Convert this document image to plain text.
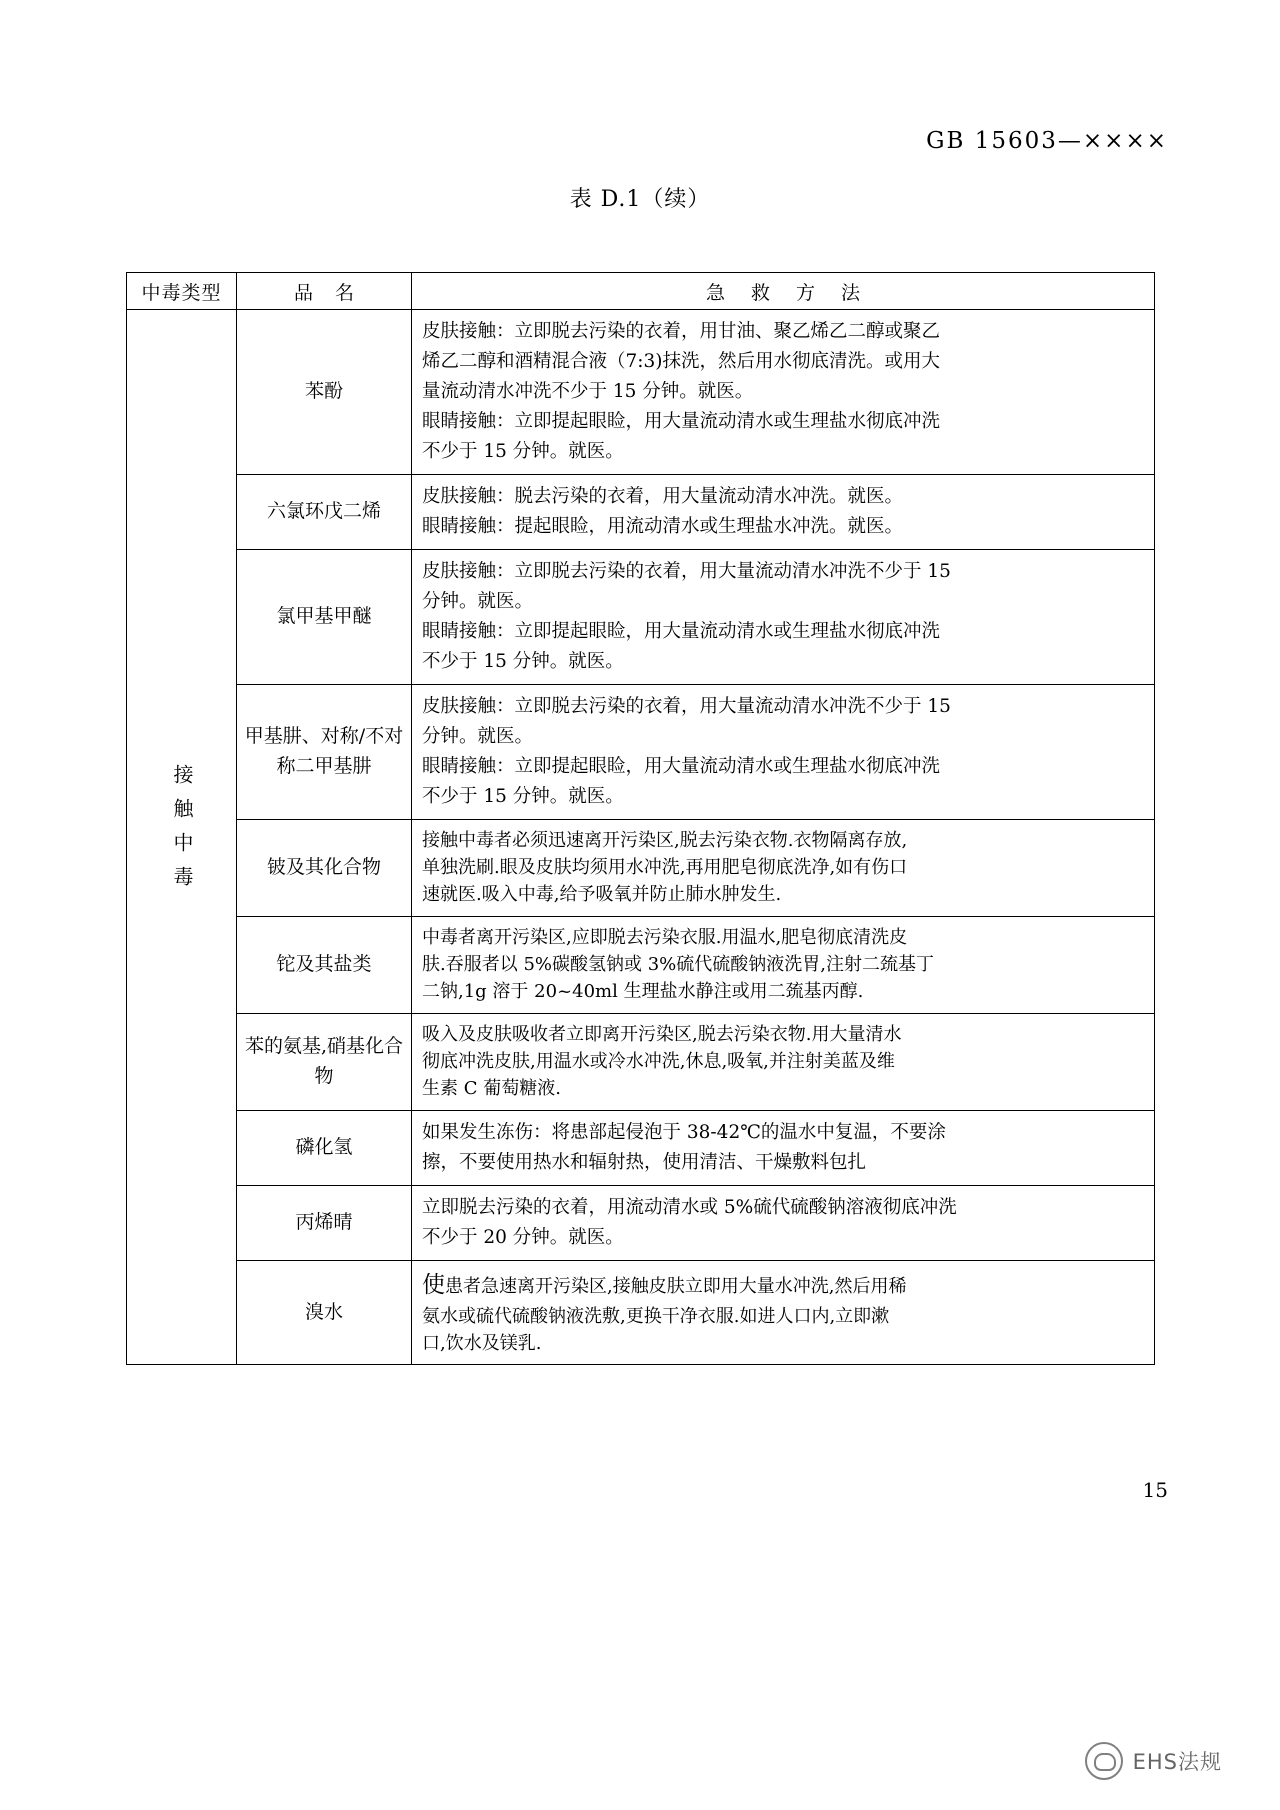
GB 15603—××××
表 D.1（续）
中毒类型	品 名	急 救 方 法
接触中毒	苯酚	皮肤接触：立即脱去污染的衣着，用甘油、聚乙烯乙二醇或聚乙
烯乙二醇和酒精混合液（7:3)抹洗，然后用水彻底清洗。或用大
量流动清水冲洗不少于 15 分钟。就医。
眼睛接触：立即提起眼睑，用大量流动清水或生理盐水彻底冲洗
不少于 15 分钟。就医。

	六氯环戊二烯	皮肤接触：脱去污染的衣着，用大量流动清水冲洗。就医。
眼睛接触：提起眼睑，用流动清水或生理盐水冲洗。就医。

	氯甲基甲醚	皮肤接触：立即脱去污染的衣着，用大量流动清水冲洗不少于 15
分钟。就医。
眼睛接触：立即提起眼睑，用大量流动清水或生理盐水彻底冲洗
不少于 15 分钟。就医。

	甲基肼、对称/不对称二甲基肼	皮肤接触：立即脱去污染的衣着，用大量流动清水冲洗不少于 15
分钟。就医。
眼睛接触：立即提起眼睑，用大量流动清水或生理盐水彻底冲洗
不少于 15 分钟。就医。

	铍及其化合物	接触中毒者必须迅速离开污染区,脱去污染衣物.衣物隔离存放,
单独洗刷.眼及皮肤均须用水冲洗,再用肥皂彻底洗净,如有伤口
速就医.吸入中毒,给予吸氧并防止肺水肿发生.

	铊及其盐类	中毒者离开污染区,应即脱去污染衣服.用温水,肥皂彻底清洗皮
肤.吞服者以 5%碳酸氢钠或 3%硫代硫酸钠液洗胃,注射二巯基丁
二钠,1g 溶于 20~40ml 生理盐水静注或用二巯基丙醇.

	苯的氨基,硝基化合物	吸入及皮肤吸收者立即离开污染区,脱去污染衣物.用大量清水
彻底冲洗皮肤,用温水或冷水冲洗,休息,吸氧,并注射美蓝及维
生素 C 葡萄糖液.

	磷化氢	如果发生冻伤：将患部起侵泡于 38-42℃的温水中复温，不要涂
擦，不要使用热水和辐射热，使用清洁、干燥敷料包扎

	丙烯晴	立即脱去污染的衣着，用流动清水或 5%硫代硫酸钠溶液彻底冲洗
不少于 20 分钟。就医。

	溴水	使患者急速离开污染区,接触皮肤立即用大量水冲洗,然后用稀
氨水或硫代硫酸钠液洗敷,更换干净衣服.如进人口内,立即漱
口,饮水及镁乳.
15
EHS法规
